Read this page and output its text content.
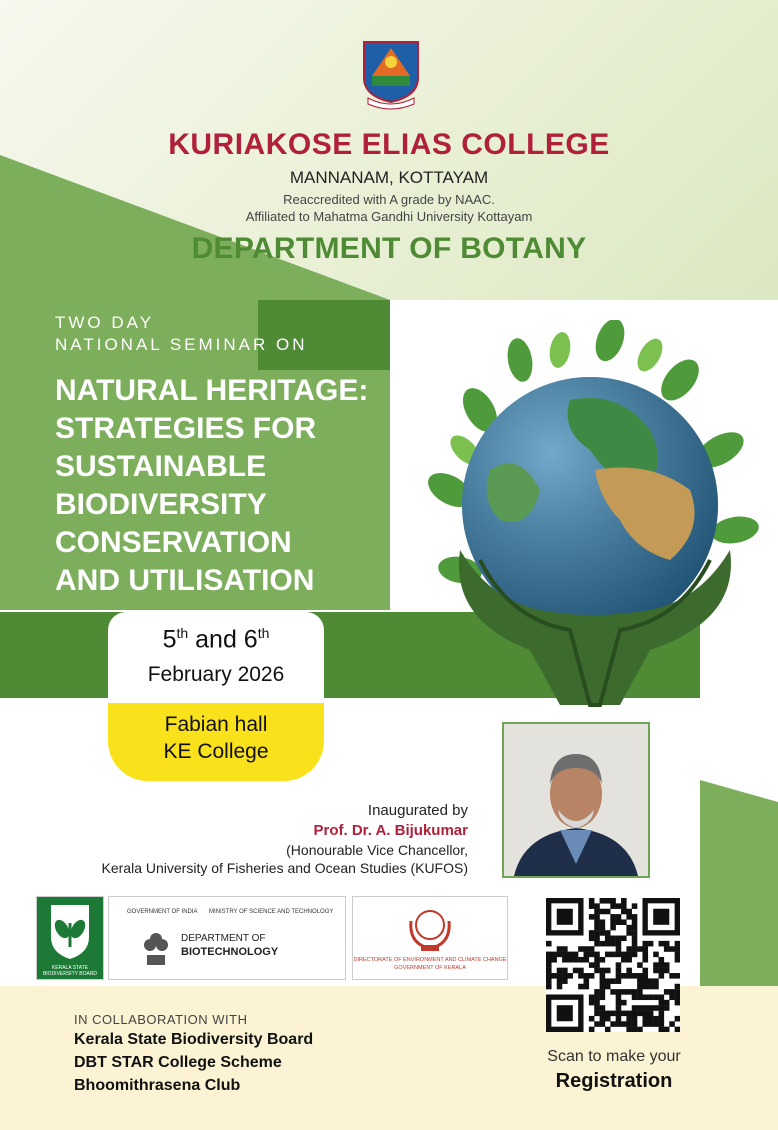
KURIAKOSE ELIAS COLLEGE
MANNANAM, KOTTAYAM
Reaccredited with A grade by NAAC.
Affiliated to Mahatma Gandhi University Kottayam
DEPARTMENT OF BOTANY
TWO DAY
NATIONAL SEMINAR ON
NATURAL HERITAGE:
STRATEGIES FOR
SUSTAINABLE
BIODIVERSITY
CONSERVATION
AND UTILISATION
5th and 6th
February 2026
Fabian hall
KE College
Inaugurated by
Prof. Dr. A. Bijukumar
(Honourable Vice Chancellor,
Kerala University of Fisheries and Ocean Studies (KUFOS)
KERALA STATE BIODIVERSITY BOARD
GOVERNMENT OF INDIA MINISTRY OF SCIENCE AND TECHNOLOGY
DEPARTMENT OF
BIOTECHNOLOGY
DIRECTORATE OF ENVIRONMENT AND CLIMATE CHANGE
GOVERNMENT OF KERALA
IN COLLABORATION WITH
Kerala State Biodiversity Board
DBT STAR College Scheme
Bhoomithrasena Club
Scan to make your
Registration
